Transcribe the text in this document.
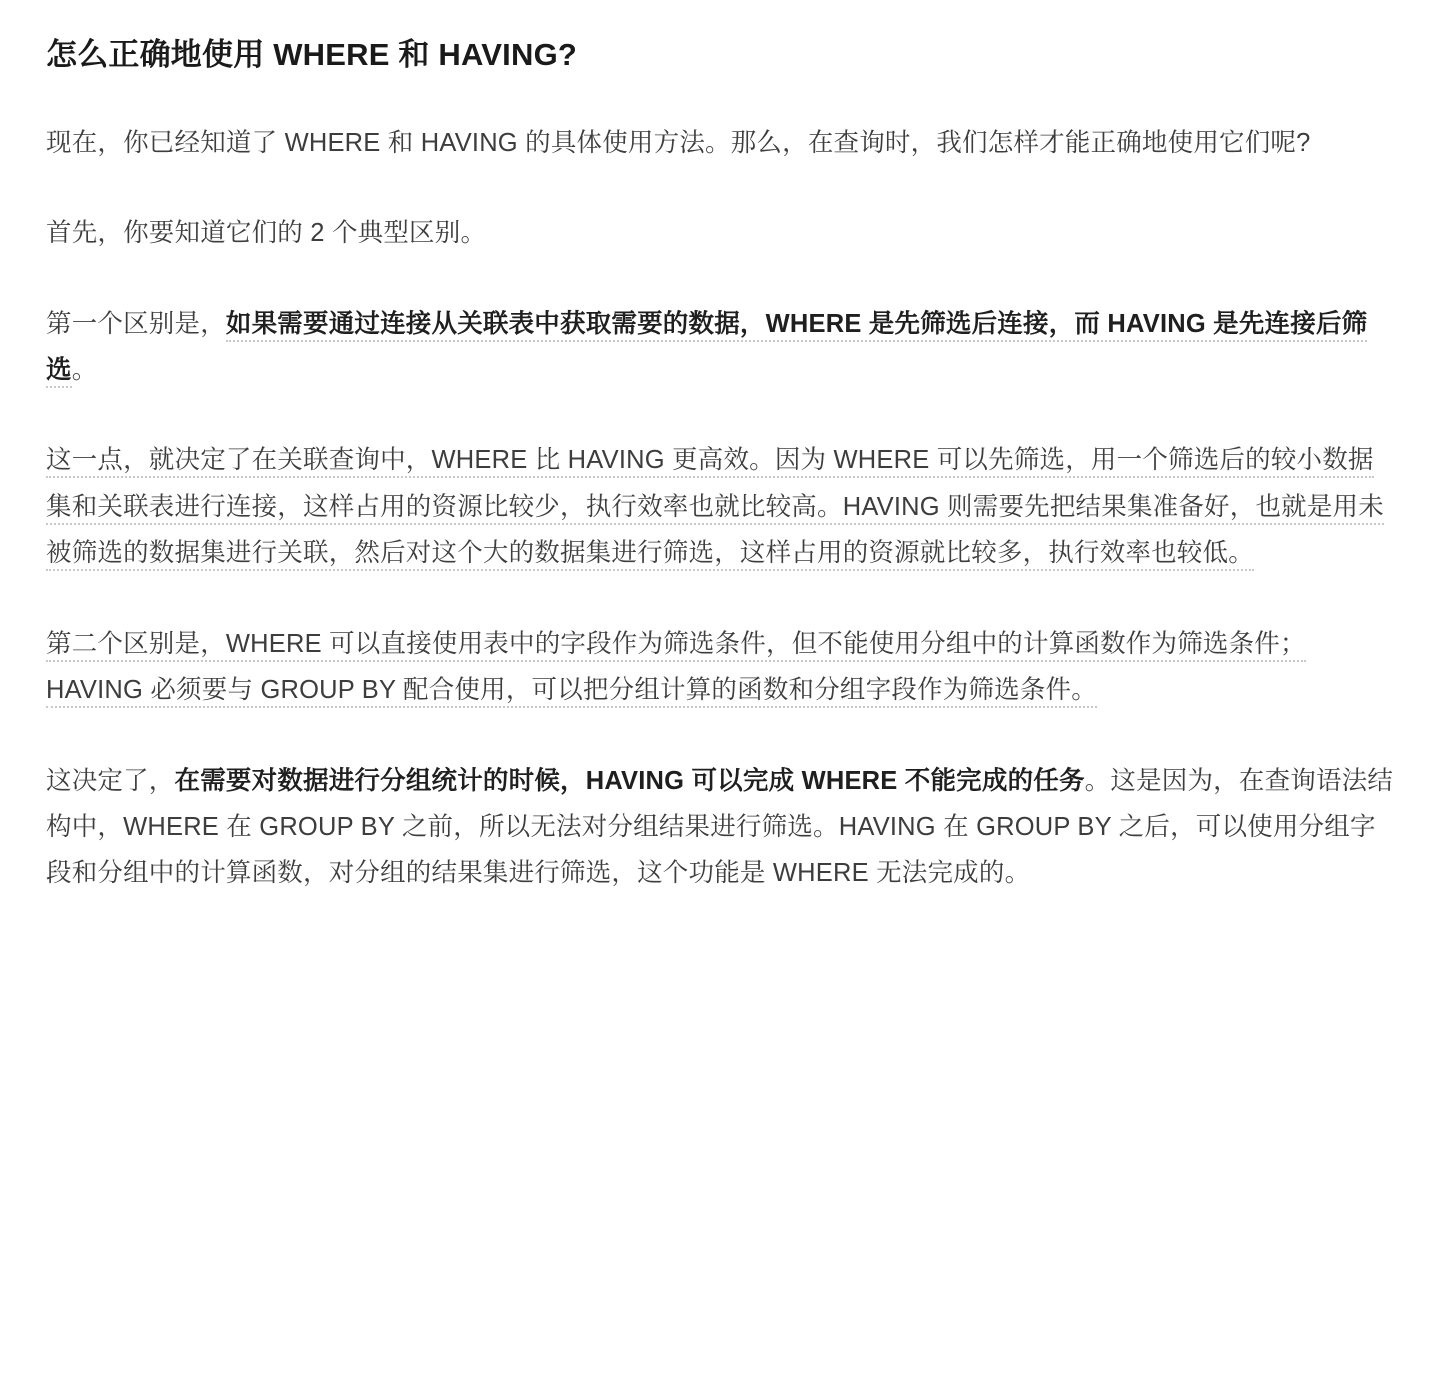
怎么正确地使用 WHERE 和 HAVING?

现在，你已经知道了 WHERE 和 HAVING 的具体使用方法。那么，在查询时，我们怎样才能正确地使用它们呢?

首先，你要知道它们的 2 个典型区别。

第一个区别是，如果需要通过连接从关联表中获取需要的数据，WHERE 是先筛选后连接，而 HAVING 是先连接后筛选。

这一点，就决定了在关联查询中，WHERE 比 HAVING 更高效。因为 WHERE 可以先筛选，用一个筛选后的较小数据集和关联表进行连接，这样占用的资源比较少，执行效率也就比较高。HAVING 则需要先把结果集准备好，也就是用未被筛选的数据集进行关联，然后对这个大的数据集进行筛选，这样占用的资源就比较多，执行效率也较低。

第二个区别是，WHERE 可以直接使用表中的字段作为筛选条件，但不能使用分组中的计算函数作为筛选条件；HAVING 必须要与 GROUP BY 配合使用，可以把分组计算的函数和分组字段作为筛选条件。

这决定了，在需要对数据进行分组统计的时候，HAVING 可以完成 WHERE 不能完成的任务。这是因为，在查询语法结构中，WHERE 在 GROUP BY 之前，所以无法对分组结果进行筛选。HAVING 在 GROUP BY 之后，可以使用分组字段和分组中的计算函数，对分组的结果集进行筛选，这个功能是 WHERE 无法完成的。
